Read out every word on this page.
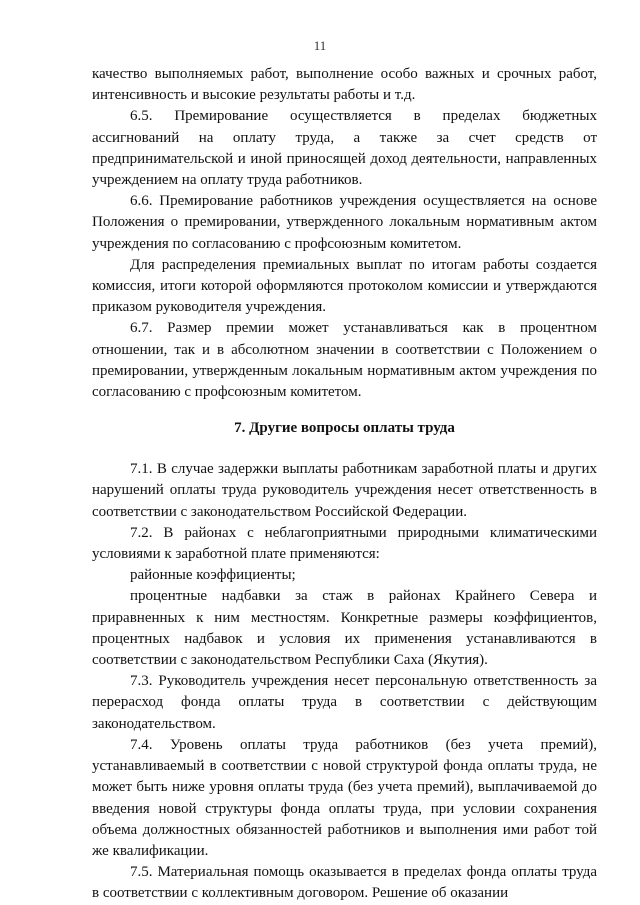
11

качество выполняемых работ, выполнение особо важных и срочных работ, интенсивность и высокие результаты работы и т.д.

6.5. Премирование осуществляется в пределах бюджетных ассигнований на оплату труда, а также за счет средств от предпринимательской и иной приносящей доход деятельности, направленных учреждением на оплату труда работников.

6.6. Премирование работников учреждения осуществляется на основе Положения о премировании, утвержденного локальным нормативным актом учреждения по согласованию с профсоюзным комитетом.

Для распределения премиальных выплат по итогам работы создается комиссия, итоги которой оформляются протоколом комиссии и утверждаются приказом руководителя учреждения.

6.7. Размер премии может устанавливаться как в процентном отношении, так и в абсолютном значении в соответствии с Положением о премировании, утвержденным локальным нормативным актом учреждения по согласованию с профсоюзным комитетом.

7. Другие вопросы оплаты труда

7.1. В случае задержки выплаты работникам заработной платы и других нарушений оплаты труда руководитель учреждения несет ответственность в соответствии с законодательством Российской Федерации.

7.2. В районах с неблагоприятными природными климатическими условиями к заработной плате применяются:

районные коэффициенты;

процентные надбавки за стаж в районах Крайнего Севера и приравненных к ним местностям. Конкретные размеры коэффициентов, процентных надбавок и условия их применения устанавливаются в соответствии с законодательством Республики Саха (Якутия).

7.3. Руководитель учреждения несет персональную ответственность за перерасход фонда оплаты труда в соответствии с действующим законодательством.

7.4. Уровень оплаты труда работников (без учета премий), устанавливаемый в соответствии с новой структурой фонда оплаты труда, не может быть ниже уровня оплаты труда (без учета премий), выплачиваемой до введения новой структуры фонда оплаты труда, при условии сохранения объема должностных обязанностей работников и выполнения ими работ той же квалификации.

7.5. Материальная помощь оказывается в пределах фонда оплаты труда в соответствии с коллективным договором. Решение об оказании
